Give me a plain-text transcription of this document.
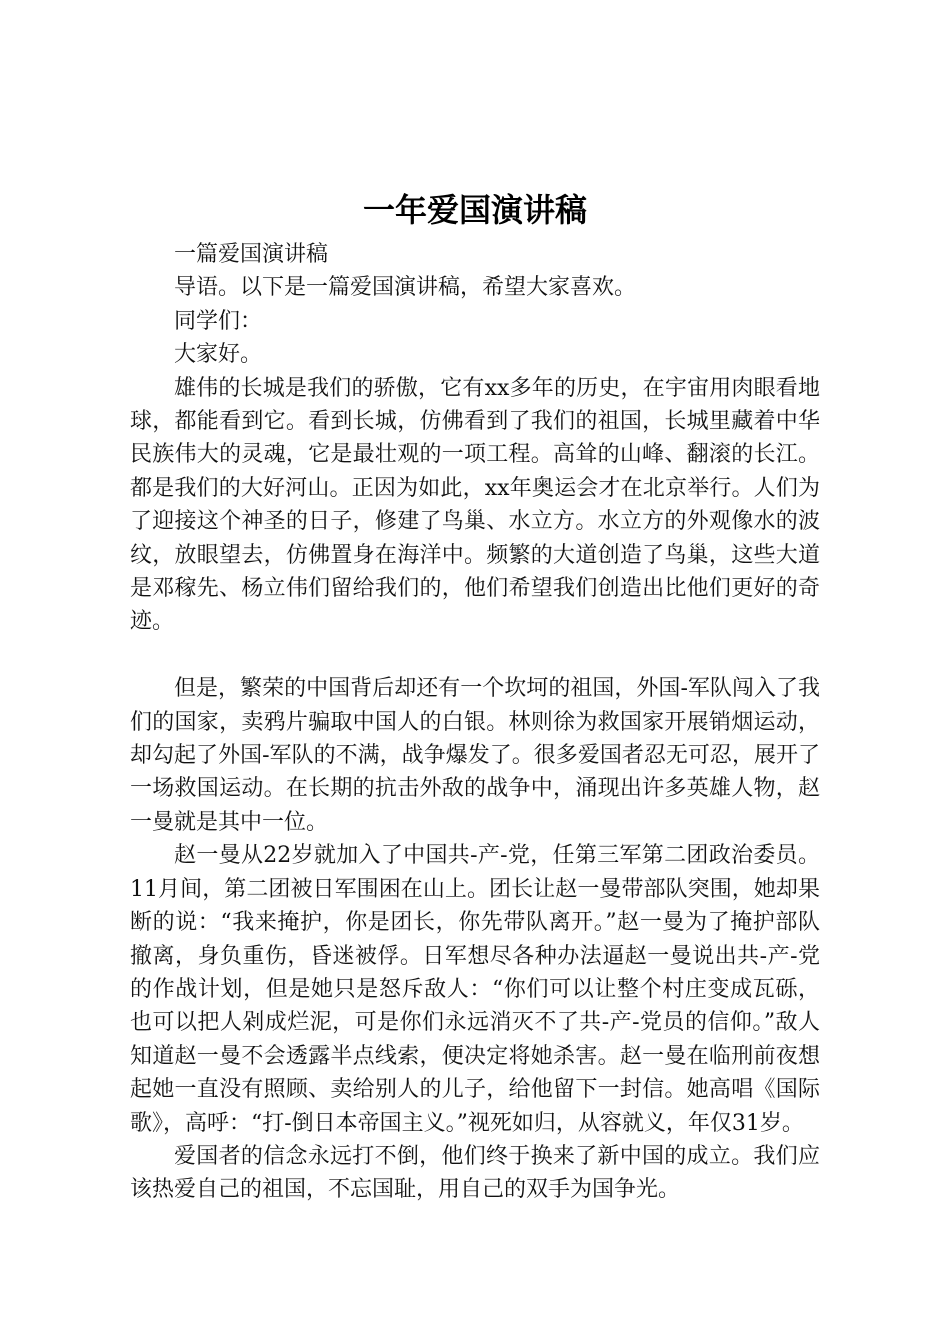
一年爱国演讲稿

一篇爱国演讲稿

导语。以下是一篇爱国演讲稿，希望大家喜欢。

同学们：

大家好。

雄伟的长城是我们的骄傲，它有xx多年的历史，在宇宙用肉眼看地球，都能看到它。看到长城，仿佛看到了我们的祖国，长城里藏着中华民族伟大的灵魂，它是最壮观的一项工程。高耸的山峰、翻滚的长江。都是我们的大好河山。正因为如此，xx年奥运会才在北京举行。人们为了迎接这个神圣的日子，修建了鸟巢、水立方。水立方的外观像水的波纹，放眼望去，仿佛置身在海洋中。频繁的大道创造了鸟巢，这些大道是邓稼先、杨立伟们留给我们的，他们希望我们创造出比他们更好的奇迹。

但是，繁荣的中国背后却还有一个坎坷的祖国，外国-军队闯入了我们的国家，卖鸦片骗取中国人的白银。林则徐为救国家开展销烟运动，却勾起了外国-军队的不满，战争爆发了。很多爱国者忍无可忍，展开了一场救国运动。在长期的抗击外敌的战争中，涌现出许多英雄人物，赵一曼就是其中一位。

赵一曼从22岁就加入了中国共-产-党，任第三军第二团政治委员。11月间，第二团被日军围困在山上。团长让赵一曼带部队突围，她却果断的说：“我来掩护，你是团长，你先带队离开。”赵一曼为了掩护部队撤离，身负重伤，昏迷被俘。日军想尽各种办法逼赵一曼说出共-产-党的作战计划，但是她只是怒斥敌人：“你们可以让整个村庄变成瓦砾，也可以把人剁成烂泥，可是你们永远消灭不了共-产-党员的信仰。”敌人知道赵一曼不会透露半点线索，便决定将她杀害。赵一曼在临刑前夜想起她一直没有照顾、卖给别人的儿子，给他留下一封信。她高唱《国际歌》，高呼：“打-倒日本帝国主义。”视死如归，从容就义，年仅31岁。

爱国者的信念永远打不倒，他们终于换来了新中国的成立。我们应该热爱自己的祖国，不忘国耻，用自己的双手为国争光。
